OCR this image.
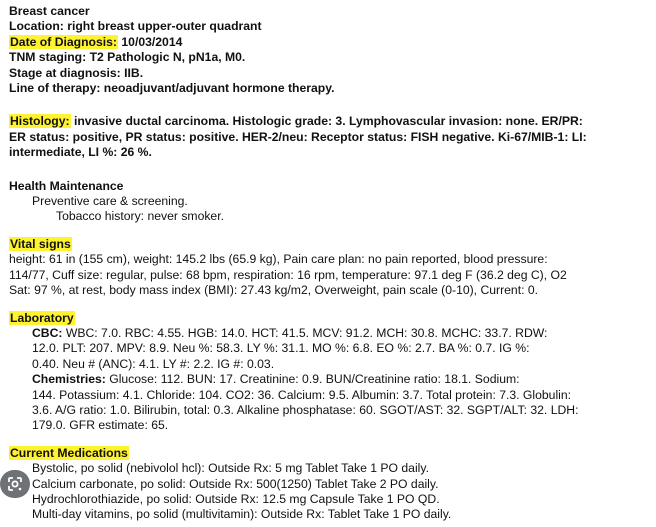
Breast cancer
Location: right breast upper-outer quadrant
Date of Diagnosis: 10/03/2014
TNM staging: T2 Pathologic N, pN1a, M0.
Stage at diagnosis: IIB.
Line of therapy: neoadjuvant/adjuvant hormone therapy.
Histology: invasive ductal carcinoma. Histologic grade: 3. Lymphovascular invasion: none. ER/PR:
ER status: positive, PR status: positive. HER-2/neu: Receptor status: FISH negative. Ki-67/MIB-1: LI:
intermediate, LI %: 26 %.
Health Maintenance
Preventive care & screening.
Tobacco history: never smoker.
Vital signs
height: 61 in (155 cm), weight: 145.2 lbs (65.9 kg), Pain care plan: no pain reported, blood pressure:
114/77, Cuff size: regular, pulse: 68 bpm, respiration: 16 rpm, temperature: 97.1 deg F (36.2 deg C), O2
Sat: 97 %, at rest, body mass index (BMI): 27.43 kg/m2, Overweight, pain scale (0-10), Current: 0.
Laboratory
CBC: WBC: 7.0. RBC: 4.55. HGB: 14.0. HCT: 41.5. MCV: 91.2. MCH: 30.8. MCHC: 33.7. RDW:
12.0. PLT: 207. MPV: 8.9. Neu %: 58.3. LY %: 31.1. MO %: 6.8. EO %: 2.7. BA %: 0.7. IG %:
0.40. Neu # (ANC): 4.1. LY #: 2.2. IG #: 0.03.
Chemistries: Glucose: 112. BUN: 17. Creatinine: 0.9. BUN/Creatinine ratio: 18.1. Sodium:
144. Potassium: 4.1. Chloride: 104. CO2: 36. Calcium: 9.5. Albumin: 3.7. Total protein: 7.3. Globulin:
3.6. A/G ratio: 1.0. Bilirubin, total: 0.3. Alkaline phosphatase: 60. SGOT/AST: 32. SGPT/ALT: 32. LDH:
179.0. GFR estimate: 65.
Current Medications
Bystolic, po solid (nebivolol hcl): Outside Rx: 5 mg Tablet Take 1 PO daily.
Calcium carbonate, po solid: Outside Rx: 500(1250) Tablet Take 2 PO daily.
Hydrochlorothiazide, po solid: Outside Rx: 12.5 mg Capsule Take 1 PO QD.
Multi-day vitamins, po solid (multivitamin): Outside Rx: Tablet Take 1 PO daily.
